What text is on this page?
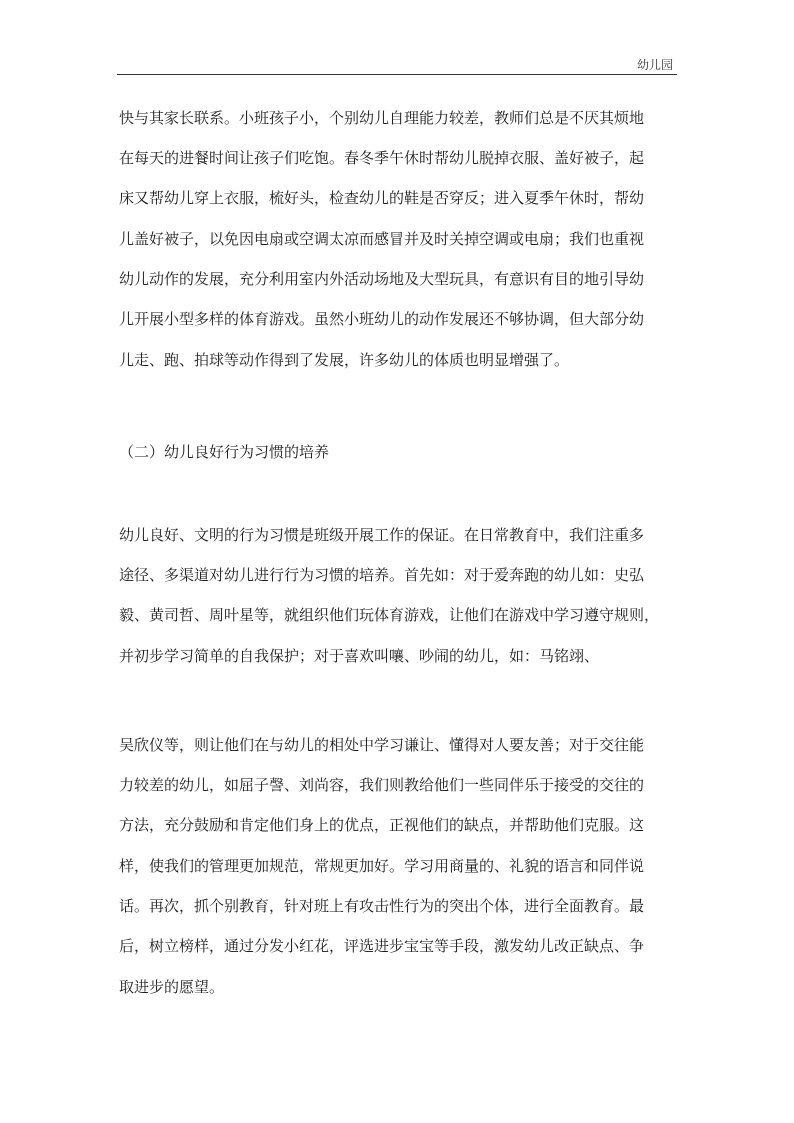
幼儿园
快与其家长联系。小班孩子小，个别幼儿自理能力较差，教师们总是不厌其烦地
在每天的进餐时间让孩子们吃饱。春冬季午休时帮幼儿脱掉衣服、盖好被子，起
床又帮幼儿穿上衣服，梳好头，检查幼儿的鞋是否穿反；进入夏季午休时，帮幼
儿盖好被子，以免因电扇或空调太凉而感冒并及时关掉空调或电扇；我们也重视
幼儿动作的发展，充分利用室内外活动场地及大型玩具，有意识有目的地引导幼
儿开展小型多样的体育游戏。虽然小班幼儿的动作发展还不够协调，但大部分幼
儿走、跑、拍球等动作得到了发展，许多幼儿的体质也明显增强了。
（二）幼儿良好行为习惯的培养
幼儿良好、文明的行为习惯是班级开展工作的保证。在日常教育中，我们注重多
途径、多渠道对幼儿进行行为习惯的培养。首先如：对于爱奔跑的幼儿如：史弘
毅、黄司哲、周叶星等，就组织他们玩体育游戏，让他们在游戏中学习遵守规则，
并初步学习简单的自我保护；对于喜欢叫嚷、吵闹的幼儿，如：马铭翊、
吴欣仪等，则让他们在与幼儿的相处中学习谦让、懂得对人要友善；对于交往能
力较差的幼儿，如屈子謦、刘尚容，我们则教给他们一些同伴乐于接受的交往的
方法，充分鼓励和肯定他们身上的优点，正视他们的缺点，并帮助他们克服。这
样，使我们的管理更加规范，常规更加好。学习用商量的、礼貌的语言和同伴说
话。再次，抓个别教育，针对班上有攻击性行为的突出个体，进行全面教育。最
后，树立榜样，通过分发小红花，评选进步宝宝等手段，激发幼儿改正缺点、争
取进步的愿望。
